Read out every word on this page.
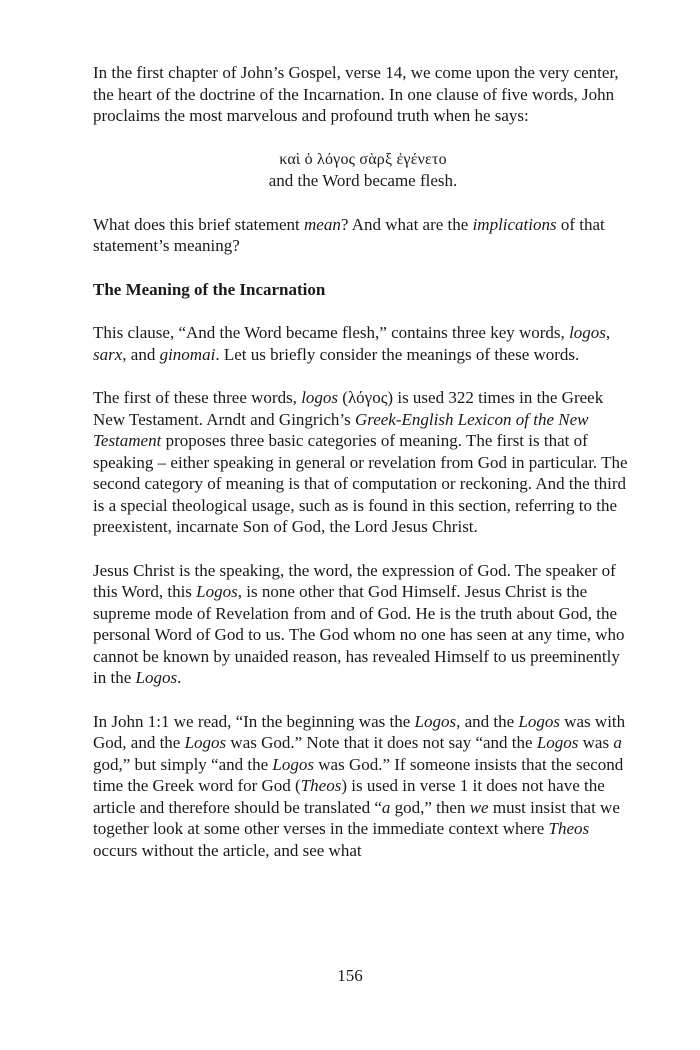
In the first chapter of John’s Gospel, verse 14, we come upon the very center, the heart of the doctrine of the Incarnation. In one clause of five words, John proclaims the most marvelous and profound truth when he says:

καὶ ὁ λόγος σὰρξ ἐγένετο
and the Word became flesh.

What does this brief statement mean? And what are the implications of that statement’s meaning?

The Meaning of the Incarnation

This clause, “And the Word became flesh,” contains three key words, logos, sarx, and ginomai. Let us briefly consider the meanings of these words.

The first of these three words, logos (λόγος) is used 322 times in the Greek New Testament. Arndt and Gingrich’s Greek-English Lexicon of the New Testament proposes three basic categories of meaning. The first is that of speaking – either speaking in general or revelation from God in particular. The second category of meaning is that of computation or reckoning. And the third is a special theological usage, such as is found in this section, referring to the preexistent, incarnate Son of God, the Lord Jesus Christ.

Jesus Christ is the speaking, the word, the expression of God. The speaker of this Word, this Logos, is none other that God Himself. Jesus Christ is the supreme mode of Revelation from and of God. He is the truth about God, the personal Word of God to us. The God whom no one has seen at any time, who cannot be known by unaided reason, has revealed Himself to us preeminently in the Logos.

In John 1:1 we read, “In the beginning was the Logos, and the Logos was with God, and the Logos was God.” Note that it does not say “and the Logos was a god,” but simply “and the Logos was God.” If someone insists that the second time the Greek word for God (Theos) is used in verse 1 it does not have the article and therefore should be translated “a god,” then we must insist that we together look at some other verses in the immediate context where Theos occurs without the article, and see what

156
